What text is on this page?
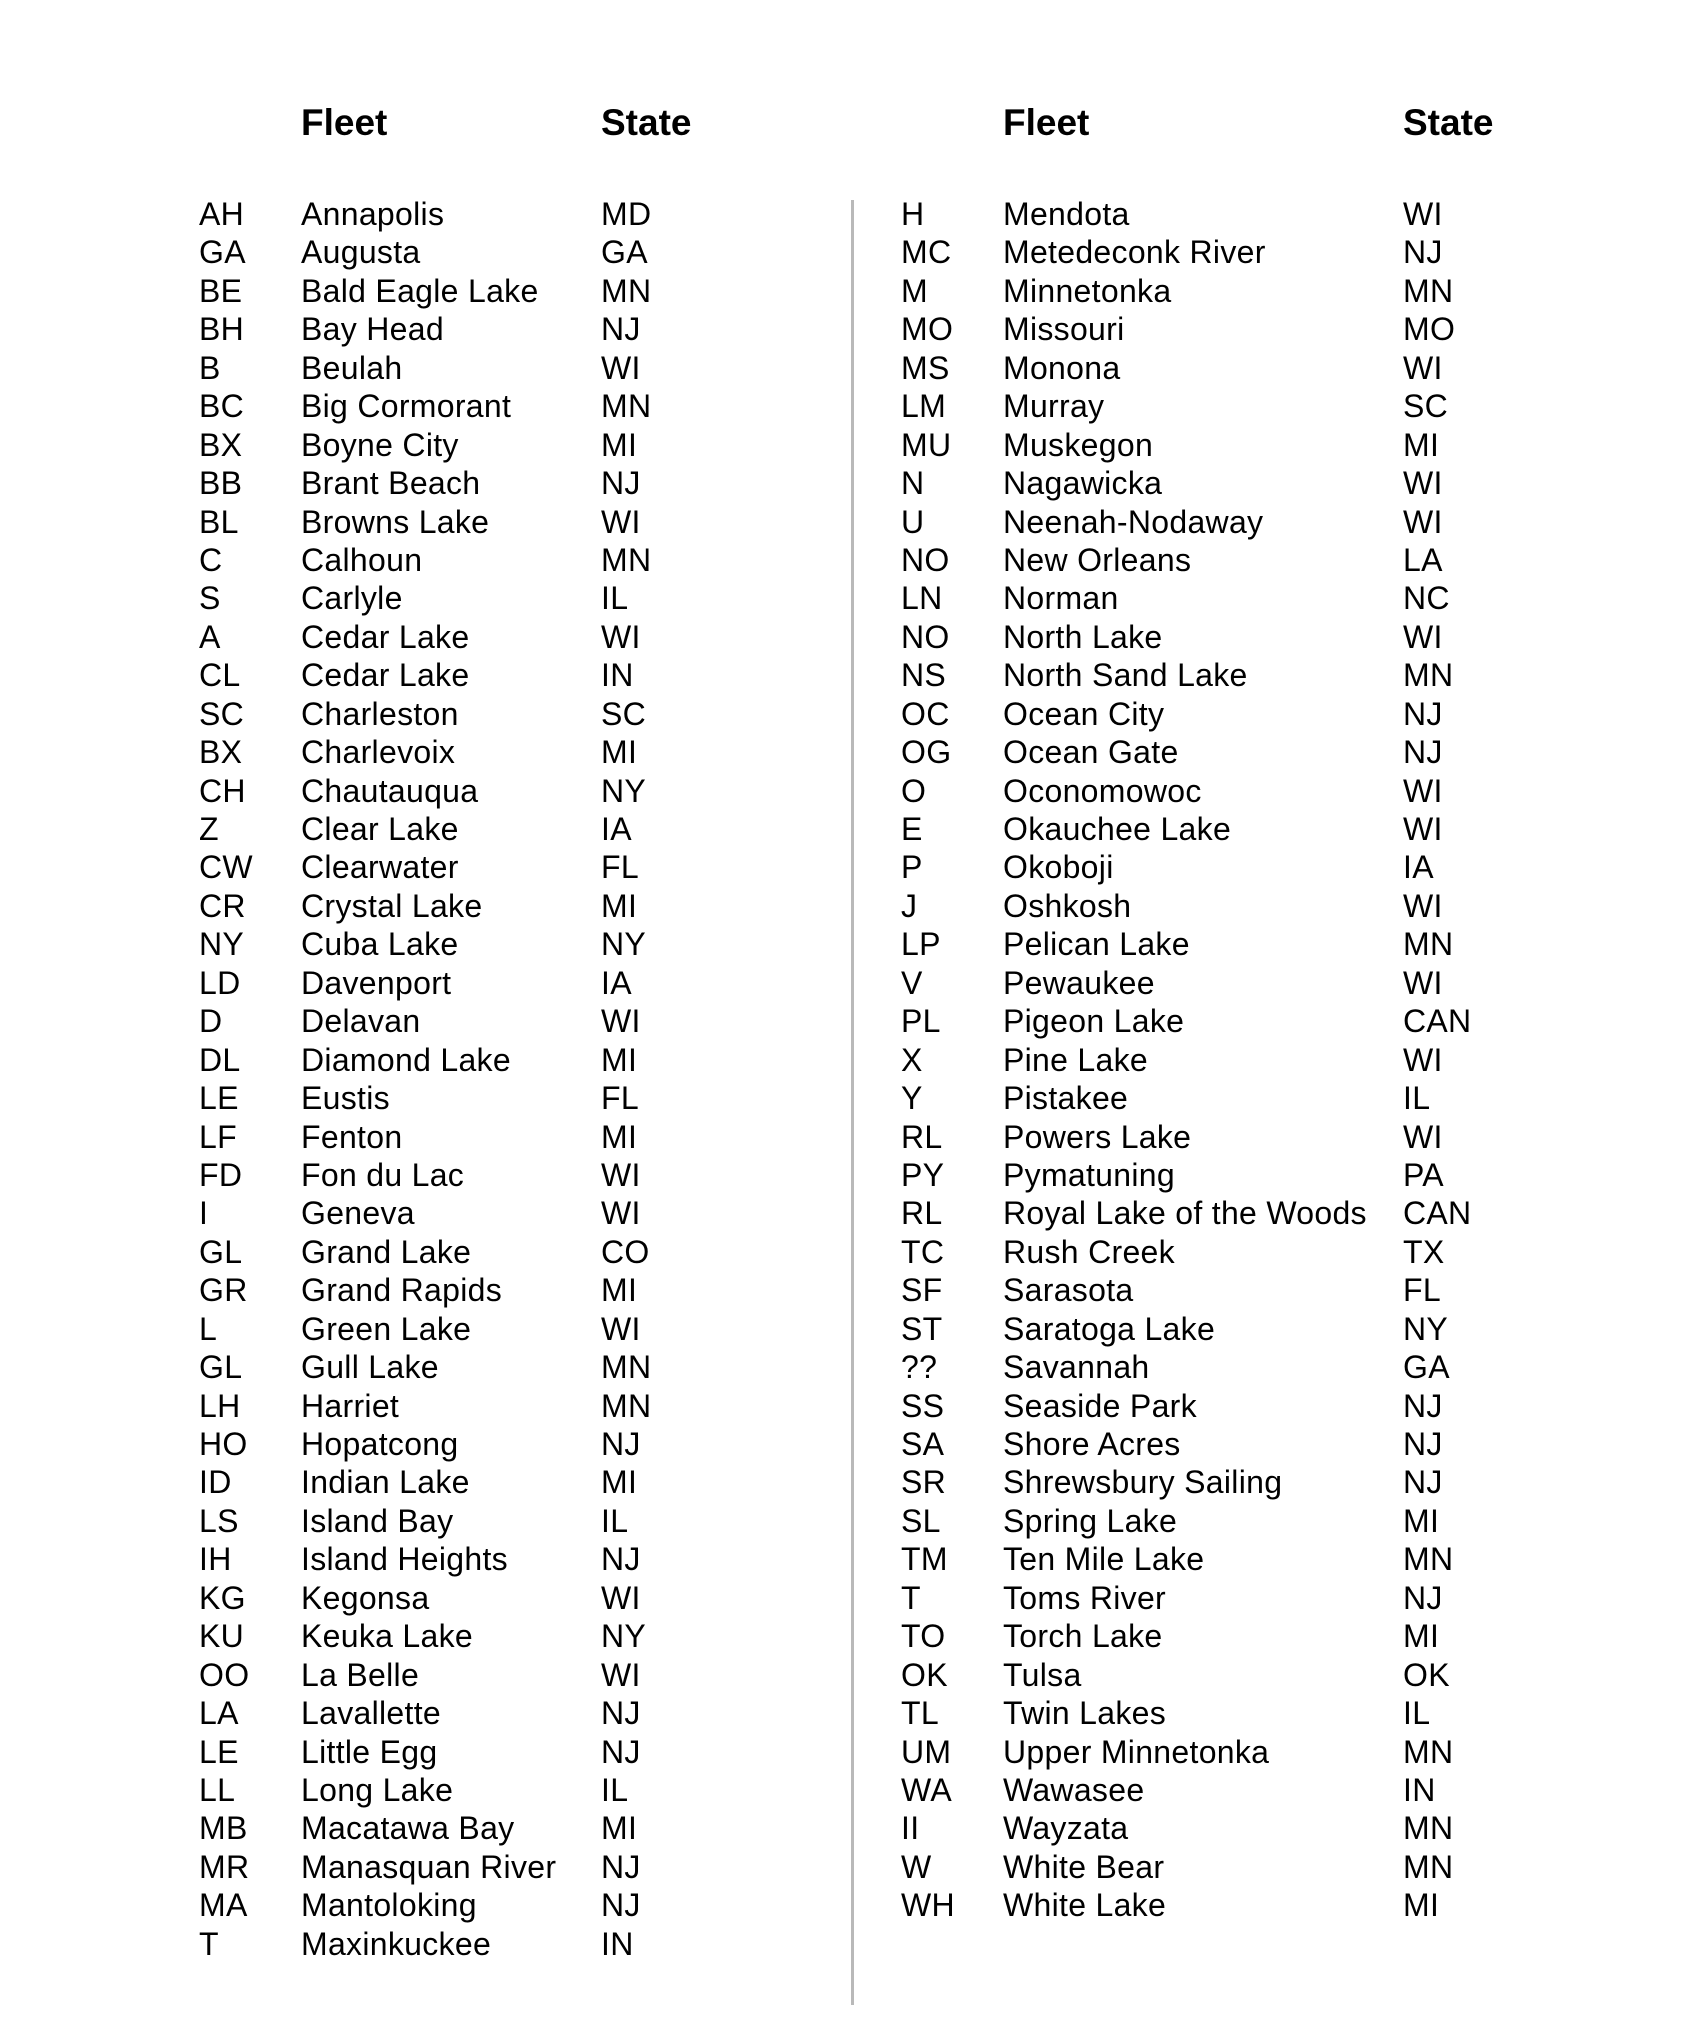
Fleet	State
AH Annapolis	MD
GA Augusta	GA
BE Bald Eagle Lake MN
BH Bay Head	NJ
B	Beulah	WI
BC Big Cormorant	MN
BX Boyne City	MI
BB Brant Beach	NJ
BL Browns Lake	WI
C Calhoun	MN
S	Carlyle	IL
A	Cedar Lake	WI
CL Cedar Lake	IN
SC Charleston	SC
BX Charlevoix	MI
CH Chautauqua	NY
Z	Clear Lake	IA
CW Clearwater	FL
CR Crystal Lake	MI
NY Cuba Lake	NY
LD Davenport	IA
D Delavan	WI
DL Diamond Lake	MI
LE Eustis	FL
LF Fenton	MI
FD Fon du Lac	WI
I	Geneva	WI
GL Grand Lake	CO
GR Grand Rapids	MI
L	Green Lake	WI
GL Gull Lake	MN
LH Harriet	MN
HO Hopatcong	NJ
ID Indian Lake	MI
LS Island Bay	IL
IH Island Heights	NJ
KG Kegonsa	WI
KU Keuka Lake	NY
OO La Belle	WI
LA Lavallette	NJ
LE Little Egg	NJ
LL Long Lake	IL
MB Macatawa Bay	MI
MR Manasquan River NJ
MA Mantoloking	NJ
T	Maxinkuckee	IN
Fleet	State
H Mendota	WI
MC Metedeconk River	NJ
M Minnetonka	MN
MO Missouri	MO
MS Monona	WI
LM Murray	SC
MU Muskegon	MI
N Nagawicka	WI
U Neenah-Nodaway	WI
NO New Orleans	LA
LN Norman	NC
NO North Lake	WI
NS North Sand Lake	MN
OC Ocean City	NJ
OG Ocean Gate	NJ
O Oconomowoc	WI
E	Okauchee Lake	WI
P	Okoboji	IA
J	Oshkosh	WI
LP Pelican Lake	MN
V	Pewaukee	WI
PL Pigeon Lake	CAN
X	Pine Lake	WI
Y	Pistakee	IL
RL Powers Lake	WI
PY Pymatuning	PA
RL Royal Lake of the Woods CAN
TC Rush Creek	TX
SF Sarasota	FL
ST Saratoga Lake	NY
?? Savannah	GA
SS Seaside Park	NJ
SA Shore Acres	NJ
SR Shrewsbury Sailing	NJ
SL Spring Lake	MI
TM Ten Mile Lake	MN
T	Toms River	NJ
TO Torch Lake	MI
OK Tulsa	OK
TL Twin Lakes	IL
UM Upper Minnetonka	MN
WA Wawasee	IN
II	Wayzata	MN
W White Bear	MN
WH White Lake	MI
